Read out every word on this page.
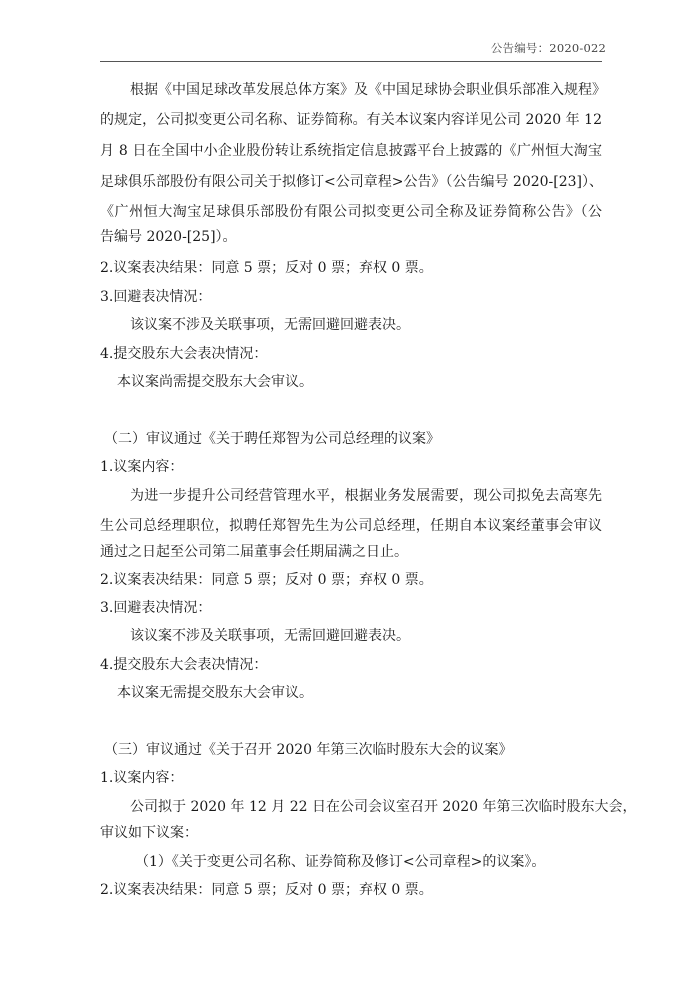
公告编号：2020-022
根据《中国足球改革发展总体方案》及《中国足球协会职业俱乐部准入规程》
的规定，公司拟变更公司名称、证券简称。有关本议案内容详见公司 2020 年 12
月 8 日在全国中小企业股份转让系统指定信息披露平台上披露的《广州恒大淘宝
足球俱乐部股份有限公司关于拟修订<公司章程>公告》（公告编号 2020-[23]）、
《广州恒大淘宝足球俱乐部股份有限公司拟变更公司全称及证券简称公告》（公
告编号 2020-[25]）。
2.议案表决结果：同意 5 票；反对 0 票；弃权 0 票。
3.回避表决情况：
该议案不涉及关联事项，无需回避回避表决。
4.提交股东大会表决情况：
本议案尚需提交股东大会审议。
（二）审议通过《关于聘任郑智为公司总经理的议案》
1.议案内容：
为进一步提升公司经营管理水平，根据业务发展需要，现公司拟免去高寒先
生公司总经理职位，拟聘任郑智先生为公司总经理，任期自本议案经董事会审议
通过之日起至公司第二届董事会任期届满之日止。
2.议案表决结果：同意 5 票；反对 0 票；弃权 0 票。
3.回避表决情况：
该议案不涉及关联事项，无需回避回避表决。
4.提交股东大会表决情况：
本议案无需提交股东大会审议。
（三）审议通过《关于召开 2020 年第三次临时股东大会的议案》
1.议案内容：
公司拟于 2020 年 12 月 22 日在公司会议室召开 2020 年第三次临时股东大会，
审议如下议案：
（1）《关于变更公司名称、证券简称及修订<公司章程>的议案》。
2.议案表决结果：同意 5 票；反对 0 票；弃权 0 票。
